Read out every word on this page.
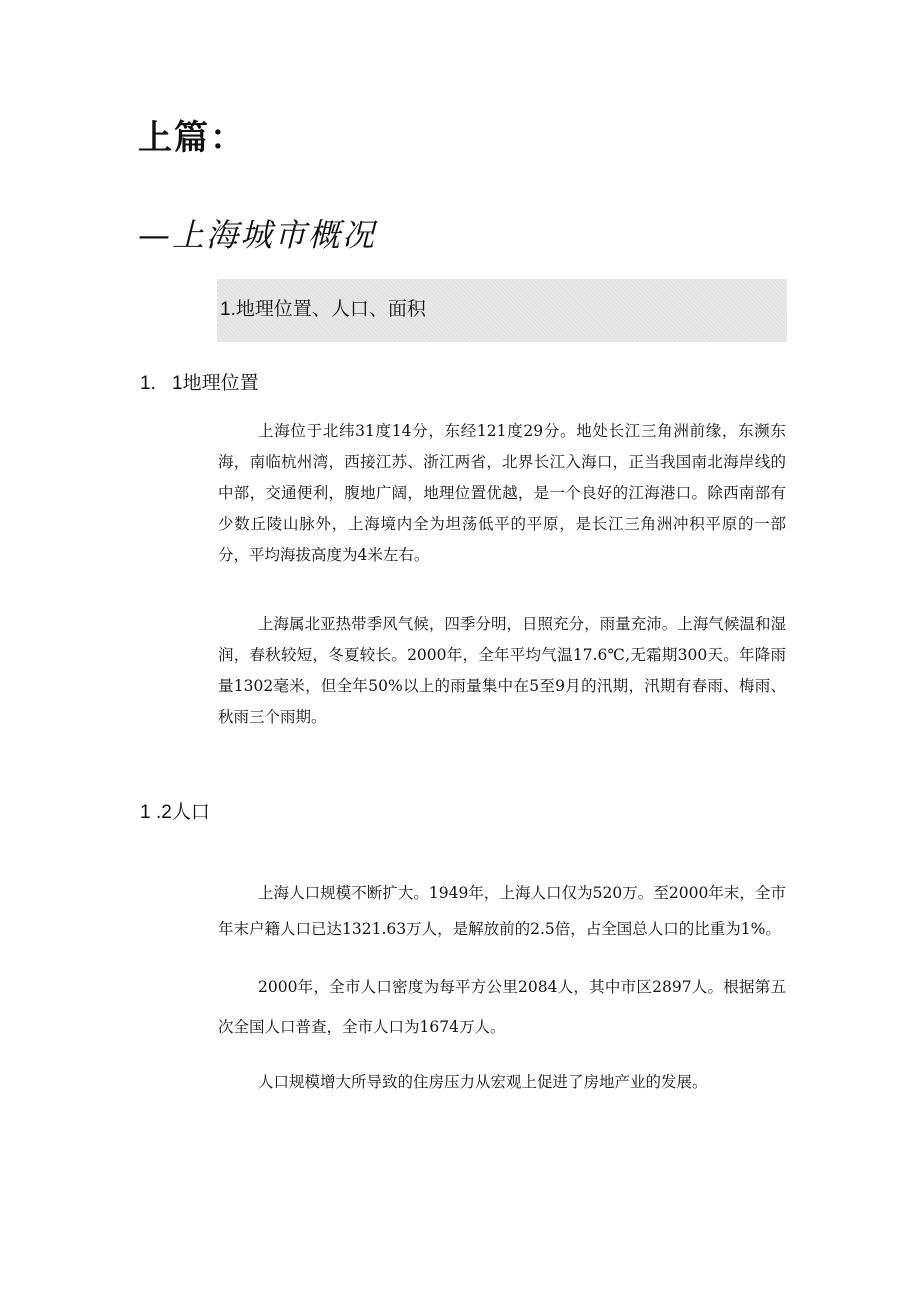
上篇：
—上海城市概况
1.地理位置、人口、面积
1. 1地理位置

上海位于北纬31度14分，东经121度29分。地处长江三角洲前缘，东濒东海，南临杭州湾，西接江苏、浙江两省，北界长江入海口，正当我国南北海岸线的中部，交通便利，腹地广阔，地理位置优越，是一个良好的江海港口。除西南部有少数丘陵山脉外，上海境内全为坦荡低平的平原，是长江三角洲冲积平原的一部分，平均海拔高度为4米左右。

上海属北亚热带季风气候，四季分明，日照充分，雨量充沛。上海气候温和湿润，春秋较短，冬夏较长。2000年，全年平均气温17.6℃,无霜期300天。年降雨量1302毫米，但全年50%以上的雨量集中在5至9月的汛期，汛期有春雨、梅雨、秋雨三个雨期。

1 .2人口

上海人口规模不断扩大。1949年，上海人口仅为520万。至2000年末，全市年末户籍人口已达1321.63万人，是解放前的2.5倍，占全国总人口的比重为1%。

2000年，全市人口密度为每平方公里2084人，其中市区2897人。根据第五次全国人口普查，全市人口为1674万人。

人口规模增大所导致的住房压力从宏观上促进了房地产业的发展。
